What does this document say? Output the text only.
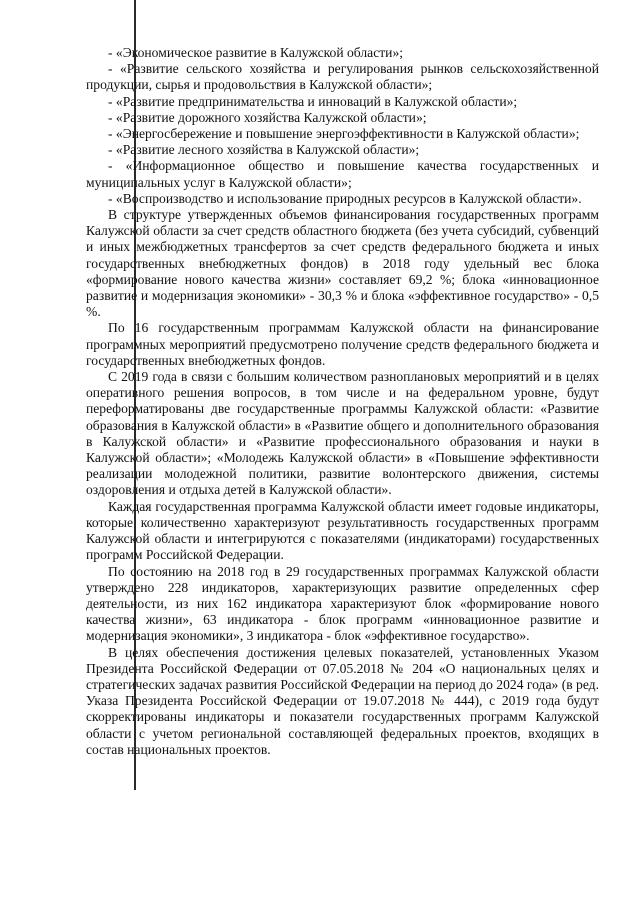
- «Экономическое развитие в Калужской области»;

- «Развитие сельского хозяйства и регулирования рынков сельскохозяйственной продукции, сырья и продовольствия в Калужской области»;

- «Развитие предпринимательства и инноваций в Калужской области»;

- «Развитие дорожного хозяйства Калужской области»;

- «Энергосбережение и повышение энергоэффективности в Калужской области»;

- «Развитие лесного хозяйства в Калужской области»;

- «Информационное общество и повышение качества государственных и муниципальных услуг в Калужской области»;

- «Воспроизводство и использование природных ресурсов в Калужской области».

В структуре утвержденных объемов финансирования государственных программ Калужской области за счет средств областного бюджета (без учета субсидий, субвенций и иных межбюджетных трансфертов за счет средств федерального бюджета и иных государственных внебюджетных фондов) в 2018 году удельный вес блока «формирование нового качества жизни» составляет 69,2 %; блока «инновационное развитие и модернизация экономики» - 30,3 % и блока «эффективное государство» - 0,5 %.

По 16 государственным программам Калужской области на финансирование программных мероприятий предусмотрено получение средств федерального бюджета и государственных внебюджетных фондов.

С 2019 года в связи с большим количеством разноплановых мероприятий и в целях оперативного решения вопросов, в том числе и на федеральном уровне, будут переформатированы две государственные программы Калужской области: «Развитие образования в Калужской области» в «Развитие общего и дополнительного образования в Калужской области» и «Развитие профессионального образования и науки в Калужской области»; «Молодежь Калужской области» в «Повышение эффективности реализации молодежной политики, развитие волонтерского движения, системы оздоровления и отдыха детей в Калужской области».

Каждая государственная программа Калужской области имеет годовые индикаторы, которые количественно характеризуют результативность государственных программ Калужской области и интегрируются с показателями (индикаторами) государственных программ Российской Федерации.

По состоянию на 2018 год в 29 государственных программах Калужской области утверждено 228 индикаторов, характеризующих развитие определенных сфер деятельности, из них 162 индикатора характеризуют блок «формирование нового качества жизни», 63 индикатора - блок программ «инновационное развитие и модернизация экономики», 3 индикатора - блок «эффективное государство».

В целях обеспечения достижения целевых показателей, установленных Указом Президента Российской Федерации от 07.05.2018 № 204 «О национальных целях и стратегических задачах развития Российской Федерации на период до 2024 года» (в ред. Указа Президента Российской Федерации от 19.07.2018 № 444), с 2019 года будут скорректированы индикаторы и показатели государственных программ Калужской области с учетом региональной составляющей федеральных проектов, входящих в состав национальных проектов.
